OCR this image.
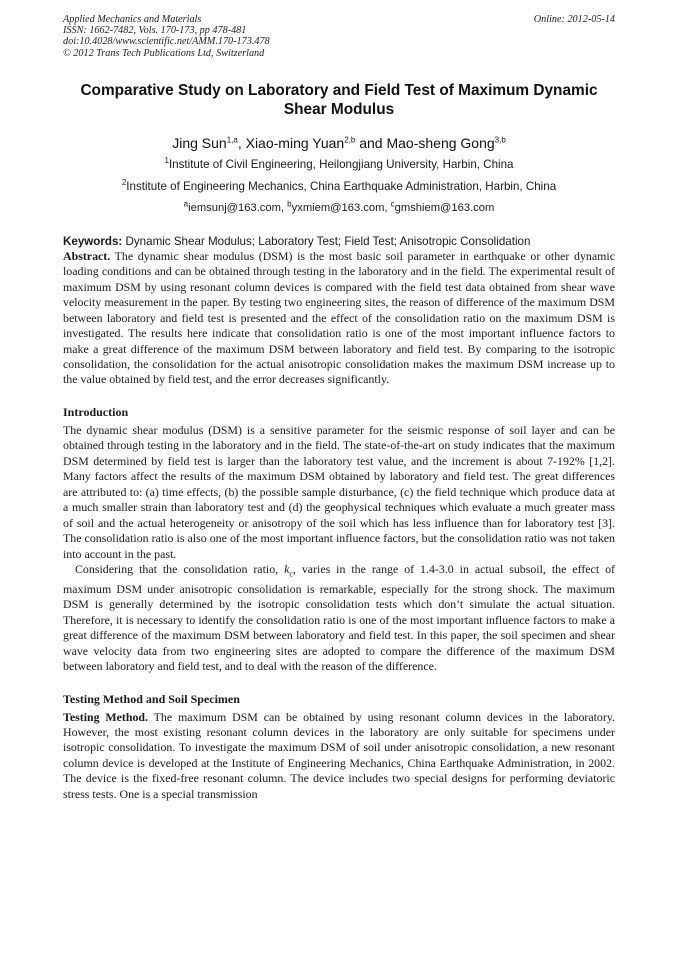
Applied Mechanics and Materials
ISSN: 1662-7482, Vols. 170-173, pp 478-481
doi:10.4028/www.scientific.net/AMM.170-173.478
© 2012 Trans Tech Publications Ltd, Switzerland
Online: 2012-05-14
Comparative Study on Laboratory and Field Test of Maximum Dynamic Shear Modulus
Jing Sun$^{1,a}$, Xiao-ming Yuan$^{2,b}$ and Mao-sheng Gong$^{3,b}$
$^1$Institute of Civil Engineering, Heilongjiang University, Harbin, China
$^2$Institute of Engineering Mechanics, China Earthquake Administration, Harbin, China
$^a$iemsunj@163.com, $^b$yxmiem@163.com, $^c$gmshiem@163.com
Keywords: Dynamic Shear Modulus; Laboratory Test; Field Test; Anisotropic Consolidation

Abstract. The dynamic shear modulus (DSM) is the most basic soil parameter in earthquake or other dynamic loading conditions and can be obtained through testing in the laboratory and in the field. The experimental result of maximum DSM by using resonant column devices is compared with the field test data obtained from shear wave velocity measurement in the paper. By testing two engineering sites, the reason of difference of the maximum DSM between laboratory and field test is presented and the effect of the consolidation ratio on the maximum DSM is investigated. The results here indicate that consolidation ratio is one of the most important influence factors to make a great difference of the maximum DSM between laboratory and field test. By comparing to the isotropic consolidation, the consolidation for the actual anisotropic consolidation makes the maximum DSM increase up to the value obtained by field test, and the error decreases significantly.

Introduction

The dynamic shear modulus (DSM) is a sensitive parameter for the seismic response of soil layer and can be obtained through testing in the laboratory and in the field. The state-of-the-art on study indicates that the maximum DSM determined by field test is larger than the laboratory test value, and the increment is about 7-192% [1,2]. Many factors affect the results of the maximum DSM obtained by laboratory and field test. The great differences are attributed to: (a) time effects, (b) the possible sample disturbance, (c) the field technique which produce data at a much smaller strain than laboratory test and (d) the geophysical techniques which evaluate a much greater mass of soil and the actual heterogeneity or anisotropy of the soil which has less influence than for laboratory test [3]. The consolidation ratio is also one of the most important influence factors, but the consolidation ratio was not taken into account in the past.

Considering that the consolidation ratio, $k_c$, varies in the range of 1.4-3.0 in actual subsoil, the effect of maximum DSM under anisotropic consolidation is remarkable, especially for the strong shock. The maximum DSM is generally determined by the isotropic consolidation tests which don’t simulate the actual situation. Therefore, it is necessary to identify the consolidation ratio is one of the most important influence factors to make a great difference of the maximum DSM between laboratory and field test. In this paper, the soil specimen and shear wave velocity data from two engineering sites are adopted to compare the difference of the maximum DSM between laboratory and field test, and to deal with the reason of the difference.

Testing Method and Soil Specimen

Testing Method. The maximum DSM can be obtained by using resonant column devices in the laboratory. However, the most existing resonant column devices in the laboratory are only suitable for specimens under isotropic consolidation. To investigate the maximum DSM of soil under anisotropic consolidation, a new resonant column device is developed at the Institute of Engineering Mechanics, China Earthquake Administration, in 2002. The device is the fixed-free resonant column. The device includes two special designs for performing deviatoric stress tests. One is a special transmission
